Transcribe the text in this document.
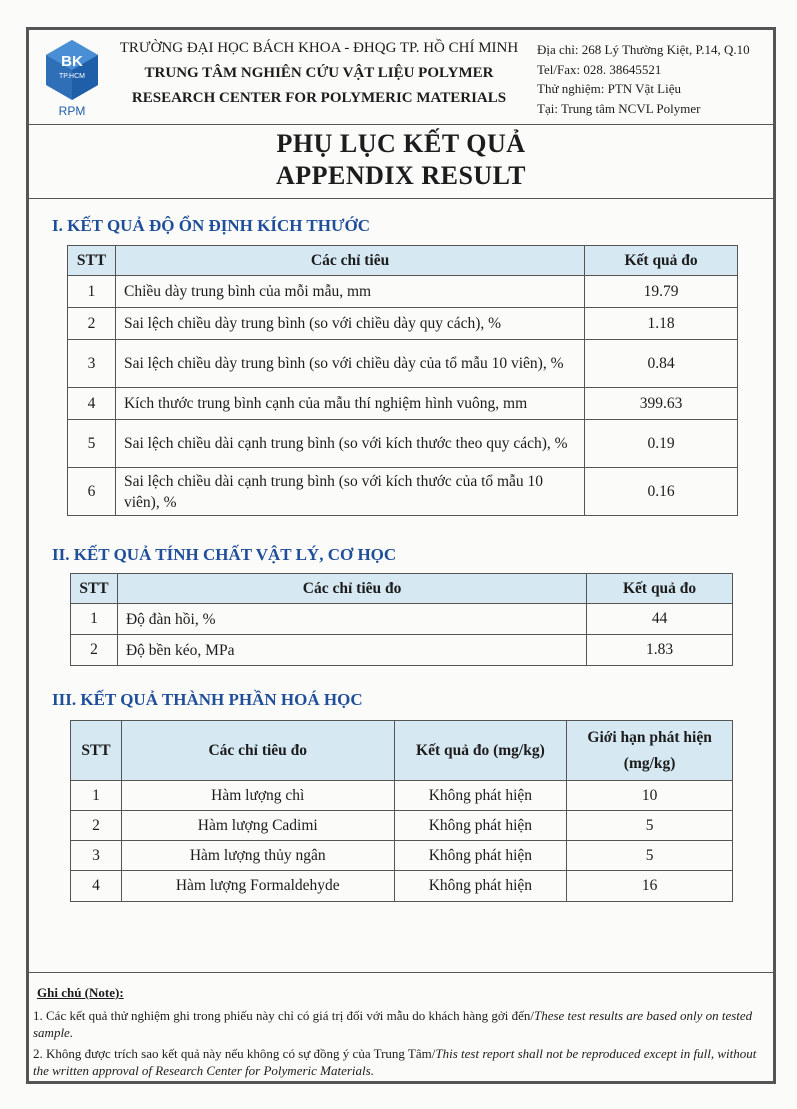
BK
TP.HCM
RPM
TRƯỜNG ĐẠI HỌC BÁCH KHOA - ĐHQG TP. HỒ CHÍ MINH
TRUNG TÂM NGHIÊN CỨU VẬT LIỆU POLYMER
RESEARCH CENTER FOR POLYMERIC MATERIALS
Địa chỉ: 268 Lý Thường Kiệt, P.14, Q.10
Tel/Fax: 028. 38645521
Thử nghiệm: PTN Vật Liệu
Tại: Trung tâm NCVL Polymer
PHỤ LỤC KẾT QUẢ
APPENDIX RESULT
I. KẾT QUẢ ĐỘ ỔN ĐỊNH KÍCH THƯỚC
STT	Các chỉ tiêu	Kết quả đo
1	Chiều dày trung bình của mỗi mẫu, mm	19.79
2	Sai lệch chiều dày trung bình (so với chiều dày quy cách), %	1.18
3	Sai lệch chiều dày trung bình (so với chiều dày của tổ mẫu 10 viên), %	0.84
4	Kích thước trung bình cạnh của mẫu thí nghiệm hình vuông, mm	399.63
5	Sai lệch chiều dài cạnh trung bình (so với kích thước theo quy cách), %	0.19
6	Sai lệch chiều dài cạnh trung bình (so với kích thước của tổ mẫu 10 viên), %	0.16
II. KẾT QUẢ TÍNH CHẤT VẬT LÝ, CƠ HỌC
STT	Các chỉ tiêu đo	Kết quả đo
1	Độ đàn hồi, %	44
2	Độ bền kéo, MPa	1.83
III. KẾT QUẢ THÀNH PHẦN HOÁ HỌC
STT	Các chỉ tiêu đo	Kết quả đo (mg/kg)	Giới hạn phát hiện (mg/kg)
1	Hàm lượng chì	Không phát hiện	10
2	Hàm lượng Cadimi	Không phát hiện	5
3	Hàm lượng thủy ngân	Không phát hiện	5
4	Hàm lượng Formaldehyde	Không phát hiện	16
Ghi chú (Note):
1. Các kết quả thử nghiệm ghi trong phiếu này chỉ có giá trị đối với mẫu do khách hàng gởi đến/These test results are based only on tested sample.
2. Không được trích sao kết quả này nếu không có sự đồng ý của Trung Tâm/This test report shall not be reproduced except in full, without the written approval of Research Center for Polymeric Materials.
